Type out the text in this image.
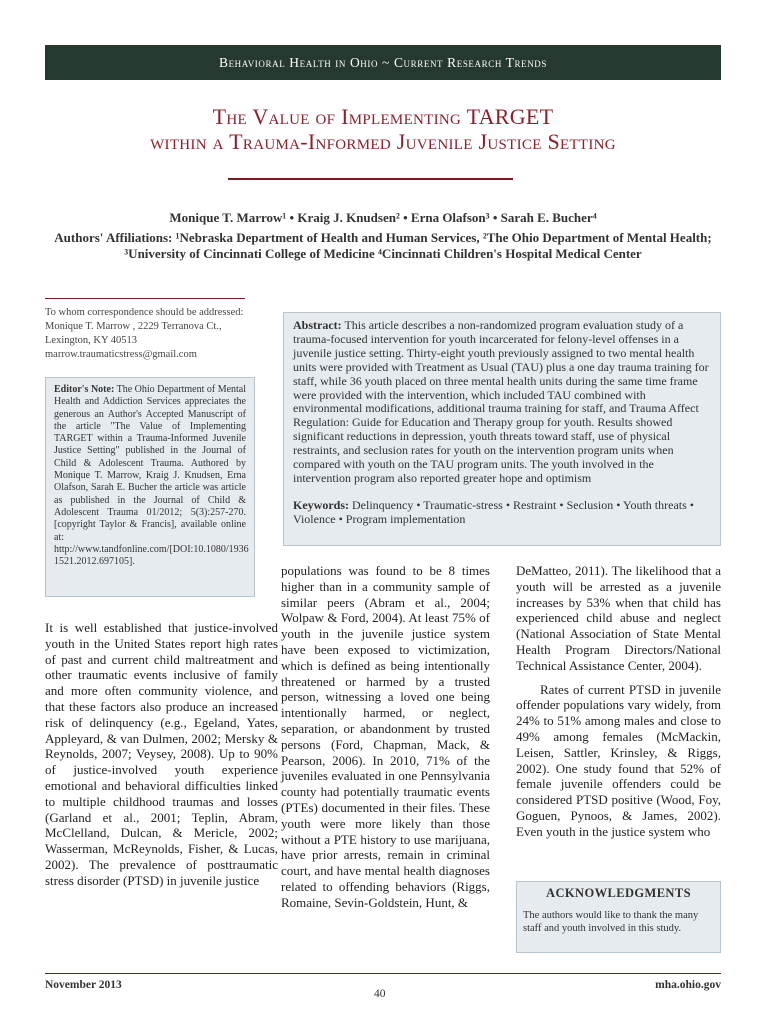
Behavioral Health in Ohio ~ Current Research Trends
The Value of Implementing TARGET
within a Trauma-Informed Juvenile Justice Setting
Monique T. Marrow¹ • Kraig J. Knudsen² • Erna Olafson³ • Sarah E. Bucher⁴
Authors' Affiliations: ¹Nebraska Department of Health and Human Services, ²The Ohio Department of Mental Health;
³University of Cincinnati College of Medicine ⁴Cincinnati Children's Hospital Medical Center
To whom correspondence should be addressed: Monique T. Marrow , 2229 Terranova Ct., Lexington, KY 40513 marrow.traumaticstress@gmail.com
Editor's Note: The Ohio Department of Mental Health and Addiction Services appreciates the generous an Author's Accepted Manuscript of the article "The Value of Implementing TARGET within a Trauma-Informed Juvenile Justice Setting" published in the Journal of Child & Adolescent Trauma. Authored by Monique T. Marrow, Kraig J. Knudsen, Erna Olafson, Sarah E. Bucher the article was article as published in the Journal of Child & Adolescent Trauma 01/2012; 5(3):257-270. [copyright Taylor & Francis], available online at: http://www.tandfonline.com/[DOI:10.1080/1936 1521.2012.697105].
Abstract: This article describes a non-randomized program evaluation study of a trauma-focused intervention for youth incarcerated for felony-level offenses in a juvenile justice setting. Thirty-eight youth previously assigned to two mental health units were provided with Treatment as Usual (TAU) plus a one day trauma training for staff, while 36 youth placed on three mental health units during the same time frame were provided with the intervention, which included TAU combined with environmental modifications, additional trauma training for staff, and Trauma Affect Regulation: Guide for Education and Therapy group for youth. Results showed significant reductions in depression, youth threats toward staff, use of physical restraints, and seclusion rates for youth on the intervention program units when compared with youth on the TAU program units. The youth involved in the intervention program also reported greater hope and optimism
Keywords: Delinquency • Traumatic-stress • Restraint • Seclusion • Youth threats • Violence • Program implementation

It is well established that justice-involved youth in the United States report high rates of past and current child maltreatment and other traumatic events inclusive of family and more often community violence, and that these factors also produce an increased risk of delinquency (e.g., Egeland, Yates, Appleyard, & van Dulmen, 2002; Mersky & Reynolds, 2007; Veysey, 2008). Up to 90% of justice-involved youth experience emotional and behavioral difficulties linked to multiple childhood traumas and losses (Garland et al., 2001; Teplin, Abram, McClelland, Dulcan, & Mericle, 2002; Wasserman, McReynolds, Fisher, & Lucas, 2002). The prevalence of posttraumatic stress disorder (PTSD) in juvenile justice

populations was found to be 8 times higher than in a community sample of similar peers (Abram et al., 2004; Wolpaw & Ford, 2004). At least 75% of youth in the juvenile justice system have been exposed to victimization, which is defined as being intentionally threatened or harmed by a trusted person, witnessing a loved one being intentionally harmed, or neglect, separation, or abandonment by trusted persons (Ford, Chapman, Mack, & Pearson, 2006). In 2010, 71% of the juveniles evaluated in one Pennsylvania county had potentially traumatic events (PTEs) documented in their files. These youth were more likely than those without a PTE history to use marijuana, have prior arrests, remain in criminal court, and have mental health diagnoses related to offending behaviors (Riggs, Romaine, Sevin-Goldstein, Hunt, &

DeMatteo, 2011). The likelihood that a youth will be arrested as a juvenile increases by 53% when that child has experienced child abuse and neglect (National Association of State Mental Health Program Directors/National Technical Assistance Center, 2004).

Rates of current PTSD in juvenile offender populations vary widely, from 24% to 51% among males and close to 49% among females (McMackin, Leisen, Sattler, Krinsley, & Riggs, 2002). One study found that 52% of female juvenile offenders could be considered PTSD positive (Wood, Foy, Goguen, Pynoos, & James, 2002). Even youth in the justice system who

ACKNOWLEDGMENTS
The authors would like to thank the many staff and youth involved in this study.
November 2013
40
mha.ohio.gov
